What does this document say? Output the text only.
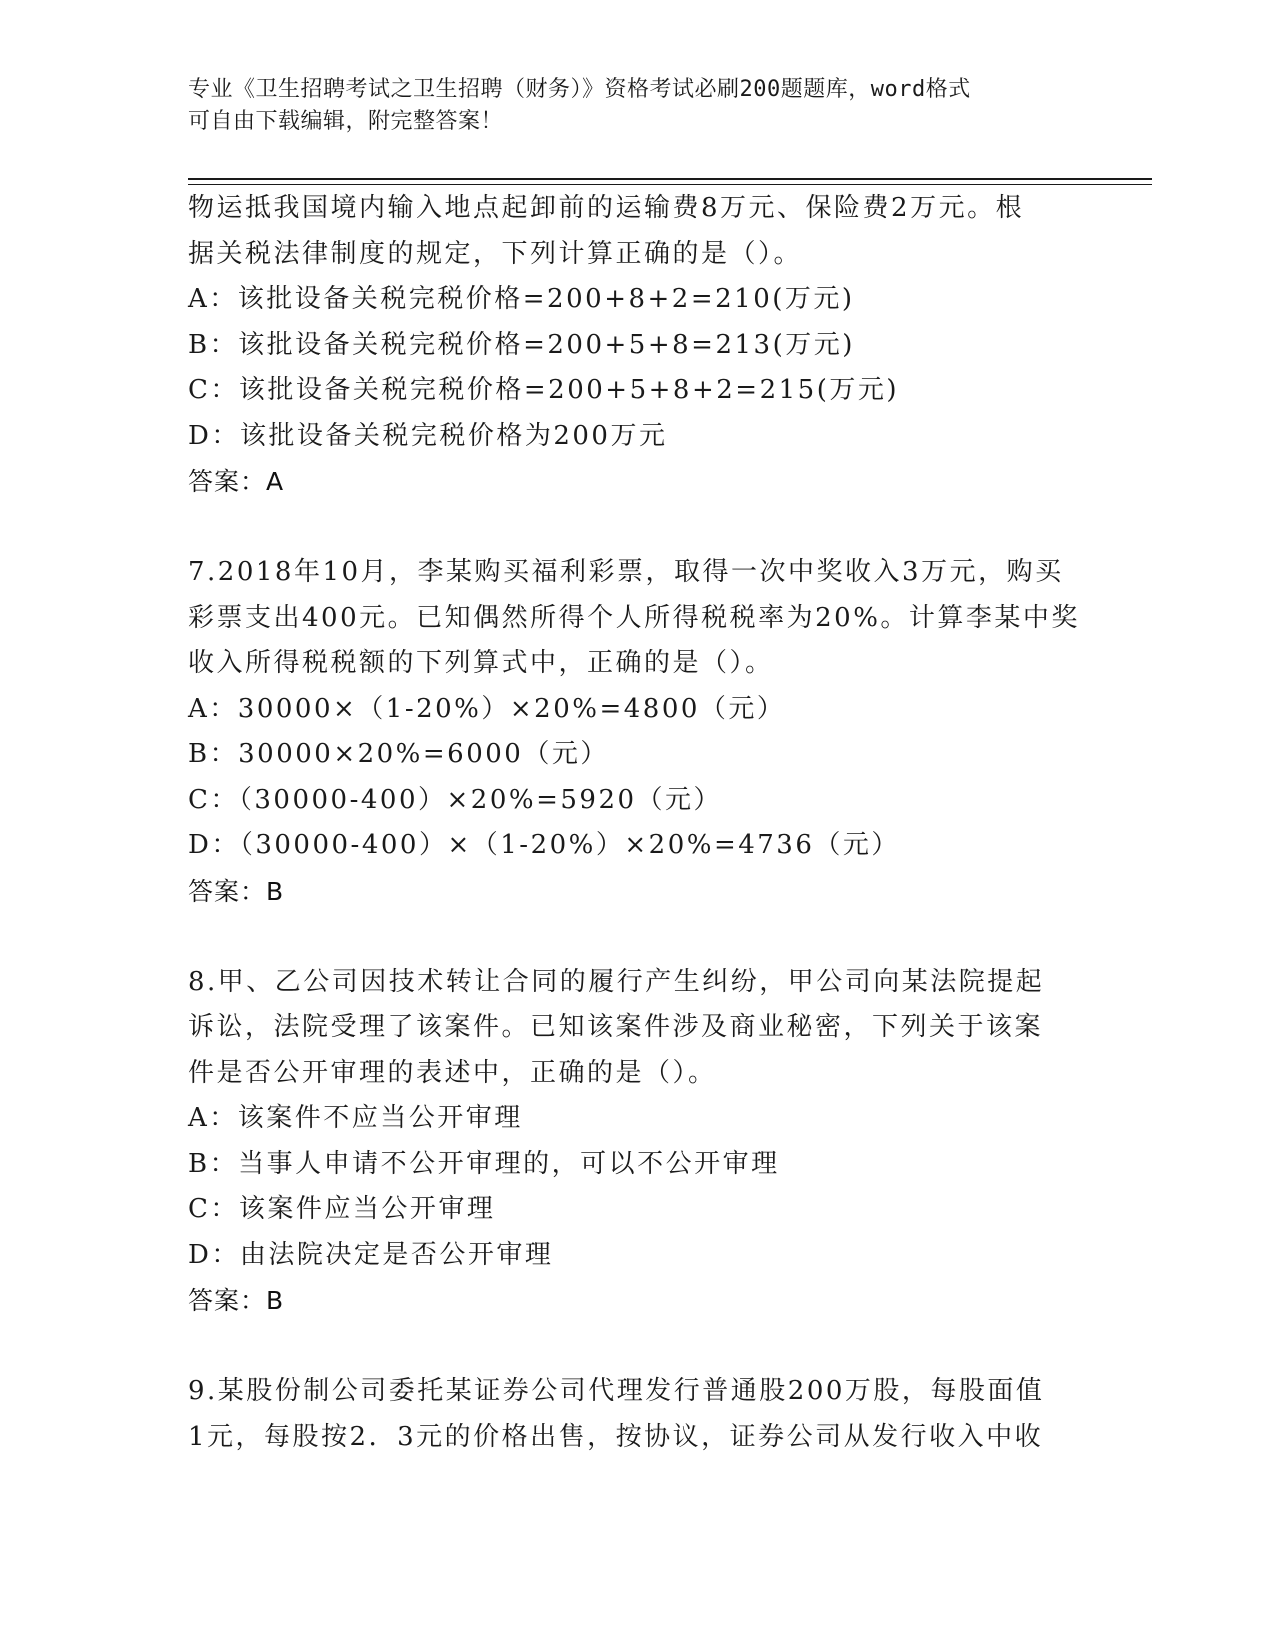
专业《卫生招聘考试之卫生招聘（财务）》资格考试必刷200题题库，word格式
可自由下载编辑，附完整答案！
物运抵我国境内输入地点起卸前的运输费8万元、保险费2万元。根
据关税法律制度的规定，下列计算正确的是（）。
A：该批设备关税完税价格=200+8+2=210(万元)
B：该批设备关税完税价格=200+5+8=213(万元)
C：该批设备关税完税价格=200+5+8+2=215(万元)
D：该批设备关税完税价格为200万元
答案：A
7.2018年10月，李某购买福利彩票，取得一次中奖收入3万元，购买
彩票支出400元。已知偶然所得个人所得税税率为20%。计算李某中奖
收入所得税税额的下列算式中，正确的是（）。
A：30000×（1-20%）×20%=4800（元）
B：30000×20%=6000（元）
C：（30000-400）×20%=5920（元）
D：（30000-400）×（1-20%）×20%=4736（元）
答案：B
8.甲、乙公司因技术转让合同的履行产生纠纷，甲公司向某法院提起
诉讼，法院受理了该案件。已知该案件涉及商业秘密，下列关于该案
件是否公开审理的表述中，正确的是（）。
A：该案件不应当公开审理
B：当事人申请不公开审理的，可以不公开审理
C：该案件应当公开审理
D：由法院决定是否公开审理
答案：B
9.某股份制公司委托某证券公司代理发行普通股200万股，每股面值
1元，每股按2．3元的价格出售，按协议，证券公司从发行收入中收
